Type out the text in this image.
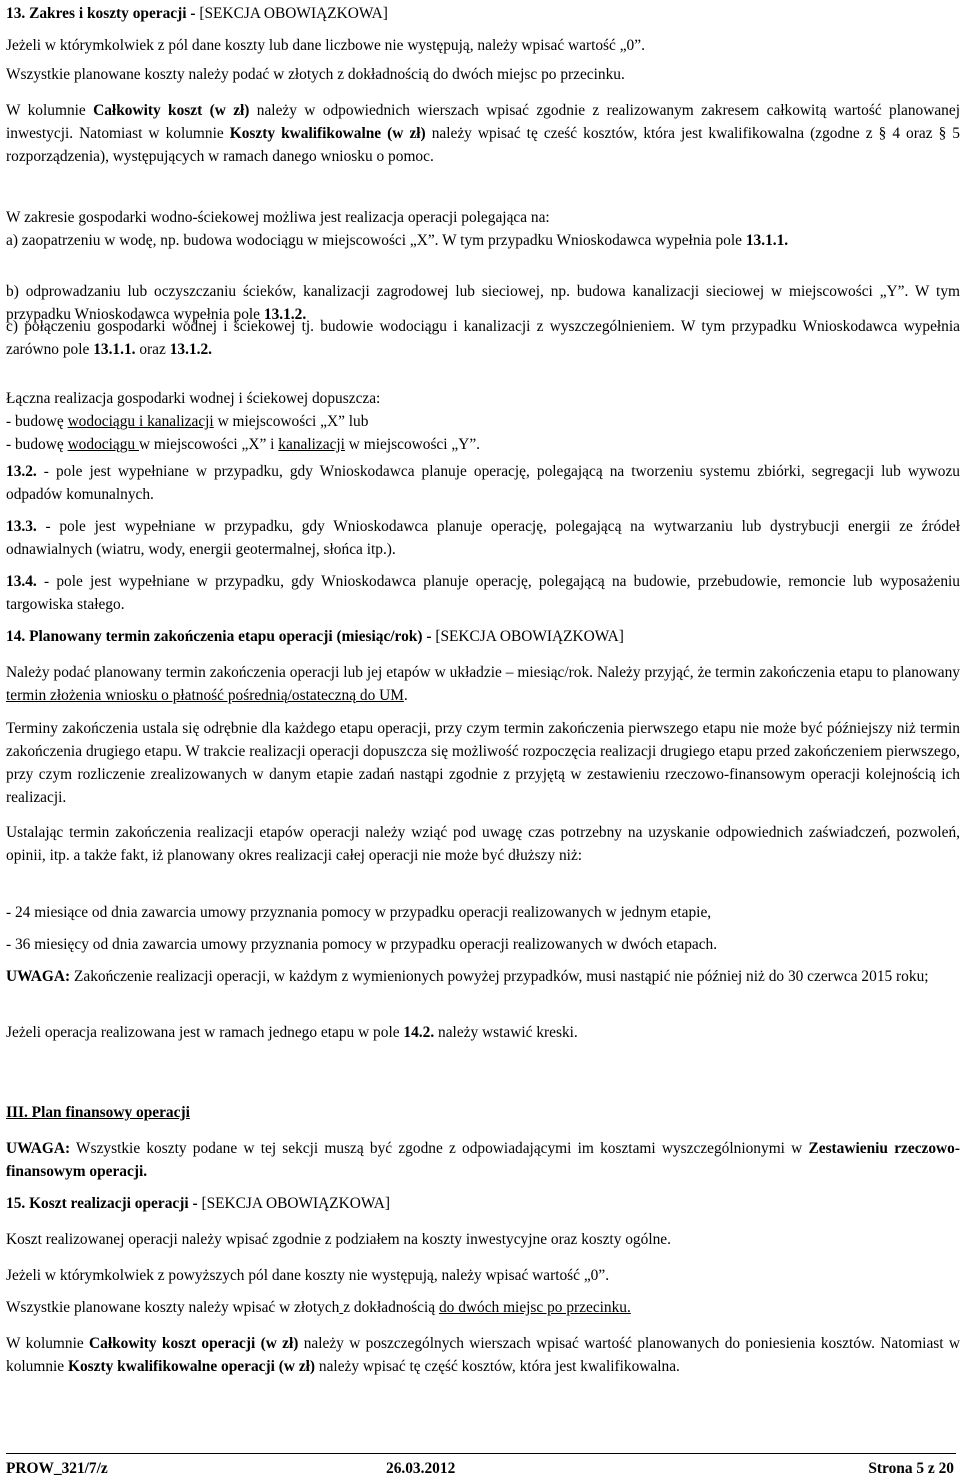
13. Zakres i koszty operacji - [SEKCJA OBOWIĄZKOWA]

Jeżeli w którymkolwiek z pól dane koszty lub dane liczbowe nie występują, należy wpisać wartość „0”.

Wszystkie planowane koszty należy podać w złotych z dokładnością do dwóch miejsc po przecinku.

W kolumnie Całkowity koszt (w zł) należy w odpowiednich wierszach wpisać zgodnie z realizowanym zakresem całkowitą wartość planowanej inwestycji. Natomiast w kolumnie Koszty kwalifikowalne (w zł) należy wpisać tę cześć kosztów, która jest kwalifikowalna (zgodne z § 4 oraz § 5 rozporządzenia), występujących w ramach danego wniosku o pomoc.

W zakresie gospodarki wodno-ściekowej możliwa jest realizacja operacji polegająca na:

a) zaopatrzeniu w wodę, np. budowa wodociągu w miejscowości „X”. W tym przypadku Wnioskodawca wypełnia pole 13.1.1.

b) odprowadzaniu lub oczyszczaniu ścieków, kanalizacji zagrodowej lub sieciowej, np. budowa kanalizacji sieciowej w miejscowości „Y”. W tym przypadku Wnioskodawca wypełnia pole 13.1.2.

c) połączeniu gospodarki wodnej i ściekowej tj. budowie wodociągu i kanalizacji z wyszczególnieniem. W tym przypadku Wnioskodawca wypełnia zarówno pole 13.1.1. oraz 13.1.2.

Łączna realizacja gospodarki wodnej i ściekowej dopuszcza:

- budowę wodociągu i kanalizacji w miejscowości „X” lub

- budowę wodociągu w miejscowości „X” i kanalizacji w miejscowości „Y”.

13.2. - pole jest wypełniane w przypadku, gdy Wnioskodawca planuje operację, polegającą na tworzeniu systemu zbiórki, segregacji lub wywozu odpadów komunalnych.

13.3. - pole jest wypełniane w przypadku, gdy Wnioskodawca planuje operację, polegającą na wytwarzaniu lub dystrybucji energii ze źródeł odnawialnych (wiatru, wody, energii geotermalnej, słońca itp.).

13.4. - pole jest wypełniane w przypadku, gdy Wnioskodawca planuje operację, polegającą na budowie, przebudowie, remoncie lub wyposażeniu targowiska stałego.

14. Planowany termin zakończenia etapu operacji (miesiąc/rok) - [SEKCJA OBOWIĄZKOWA]

Należy podać planowany termin zakończenia operacji lub jej etapów w układzie – miesiąc/rok. Należy przyjąć, że termin zakończenia etapu to planowany termin złożenia wniosku o płatność pośrednią/ostateczną do UM.

Terminy zakończenia ustala się odrębnie dla każdego etapu operacji, przy czym termin zakończenia pierwszego etapu nie może być późniejszy niż termin zakończenia drugiego etapu. W trakcie realizacji operacji dopuszcza się możliwość rozpoczęcia realizacji drugiego etapu przed zakończeniem pierwszego, przy czym rozliczenie zrealizowanych w danym etapie zadań nastąpi zgodnie z przyjętą w zestawieniu rzeczowo-finansowym operacji kolejnością ich realizacji.

Ustalając termin zakończenia realizacji etapów operacji należy wziąć pod uwagę czas potrzebny na uzyskanie odpowiednich zaświadczeń, pozwoleń, opinii, itp. a także fakt, iż planowany okres realizacji całej operacji nie może być dłuższy niż:

- 24 miesiące od dnia zawarcia umowy przyznania pomocy w przypadku operacji realizowanych w jednym etapie,

- 36 miesięcy od dnia zawarcia umowy przyznania pomocy w przypadku operacji realizowanych w dwóch etapach.

UWAGA: Zakończenie realizacji operacji, w każdym z wymienionych powyżej przypadków, musi nastąpić nie później niż do 30 czerwca 2015 roku;

Jeżeli operacja realizowana jest w ramach jednego etapu w pole 14.2. należy wstawić kreski.

III. Plan finansowy operacji

UWAGA: Wszystkie koszty podane w tej sekcji muszą być zgodne z odpowiadającymi im kosztami wyszczególnionymi w Zestawieniu rzeczowo-finansowym operacji.

15. Koszt realizacji operacji - [SEKCJA OBOWIĄZKOWA]

Koszt realizowanej operacji należy wpisać zgodnie z podziałem na koszty inwestycyjne oraz koszty ogólne.

Jeżeli w którymkolwiek z powyższych pól dane koszty nie występują, należy wpisać wartość „0”.

Wszystkie planowane koszty należy wpisać w złotych z dokładnością do dwóch miejsc po przecinku.

W kolumnie Całkowity koszt operacji (w zł) należy w poszczególnych wierszach wpisać wartość planowanych do poniesienia kosztów. Natomiast w kolumnie Koszty kwalifikowalne operacji (w zł) należy wpisać tę część kosztów, która jest kwalifikowalna.

PROW_321/7/z	26.03.2012	Strona 5 z 20
